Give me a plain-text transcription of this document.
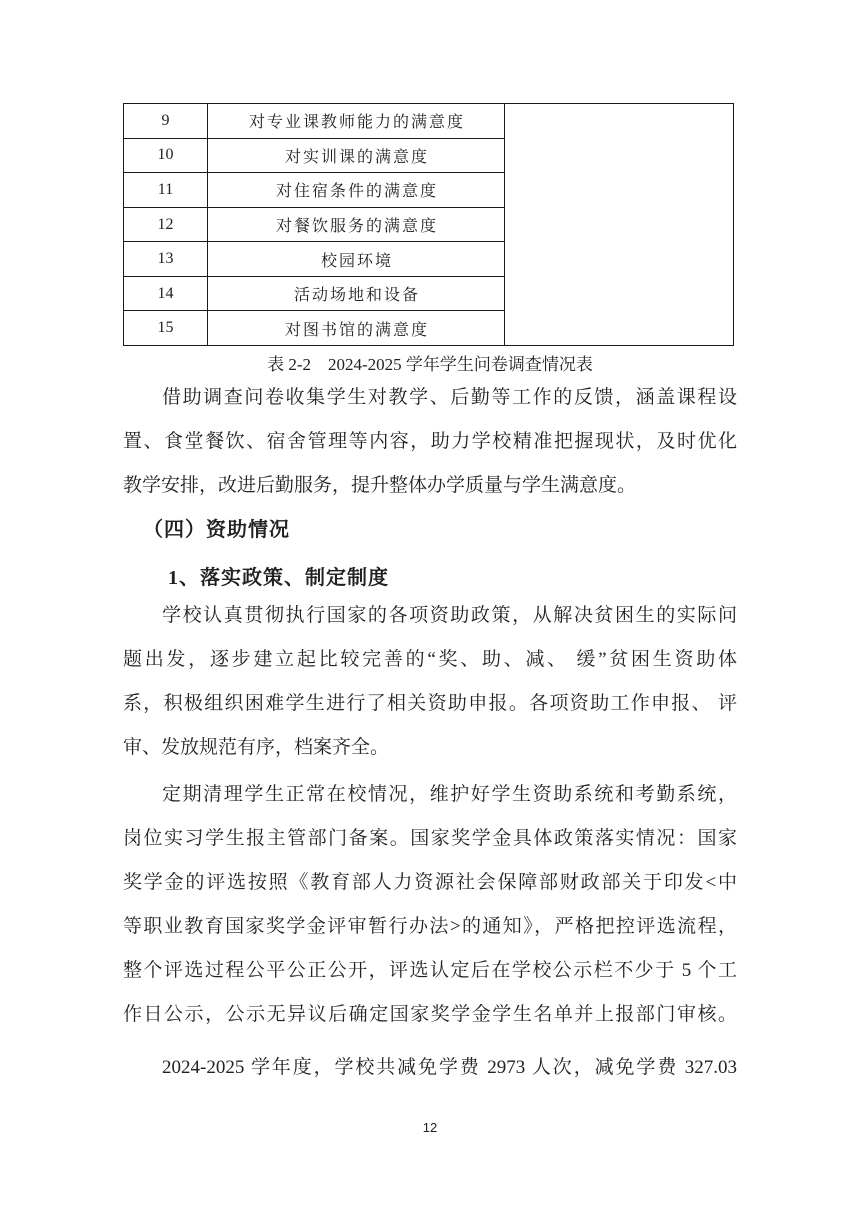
9	对专业课教师能力的满意度
10	对实训课的满意度
11	对住宿条件的满意度
12	对餐饮服务的满意度
13	校园环境
14	活动场地和设备
15	对图书馆的满意度
表 2-2　2024-2025 学年学生问卷调查情况表
借助调查问卷收集学生对教学、后勤等工作的反馈，涵盖课程设
置、食堂餐饮、宿舍管理等内容，助力学校精准把握现状，及时优化
教学安排，改进后勤服务，提升整体办学质量与学生满意度。
（四）资助情况
1、落实政策、制定制度
学校认真贯彻执行国家的各项资助政策，从解决贫困生的实际问
题出发，逐步建立起比较完善的“奖、助、减、 缓”贫困生资助体
系，积极组织困难学生进行了相关资助申报。各项资助工作申报、 评
审、发放规范有序，档案齐全。
定期清理学生正常在校情况，维护好学生资助系统和考勤系统，
岗位实习学生报主管部门备案。国家奖学金具体政策落实情况：国家
奖学金的评选按照《教育部人力资源社会保障部财政部关于印发<中
等职业教育国家奖学金评审暂行办法>的通知》，严格把控评选流程，
整个评选过程公平公正公开，评选认定后在学校公示栏不少于 5 个工
作日公示，公示无异议后确定国家奖学金学生名单并上报部门审核。
2024-2025 学年度，学校共减免学费 2973 人次，减免学费 327.03
12
